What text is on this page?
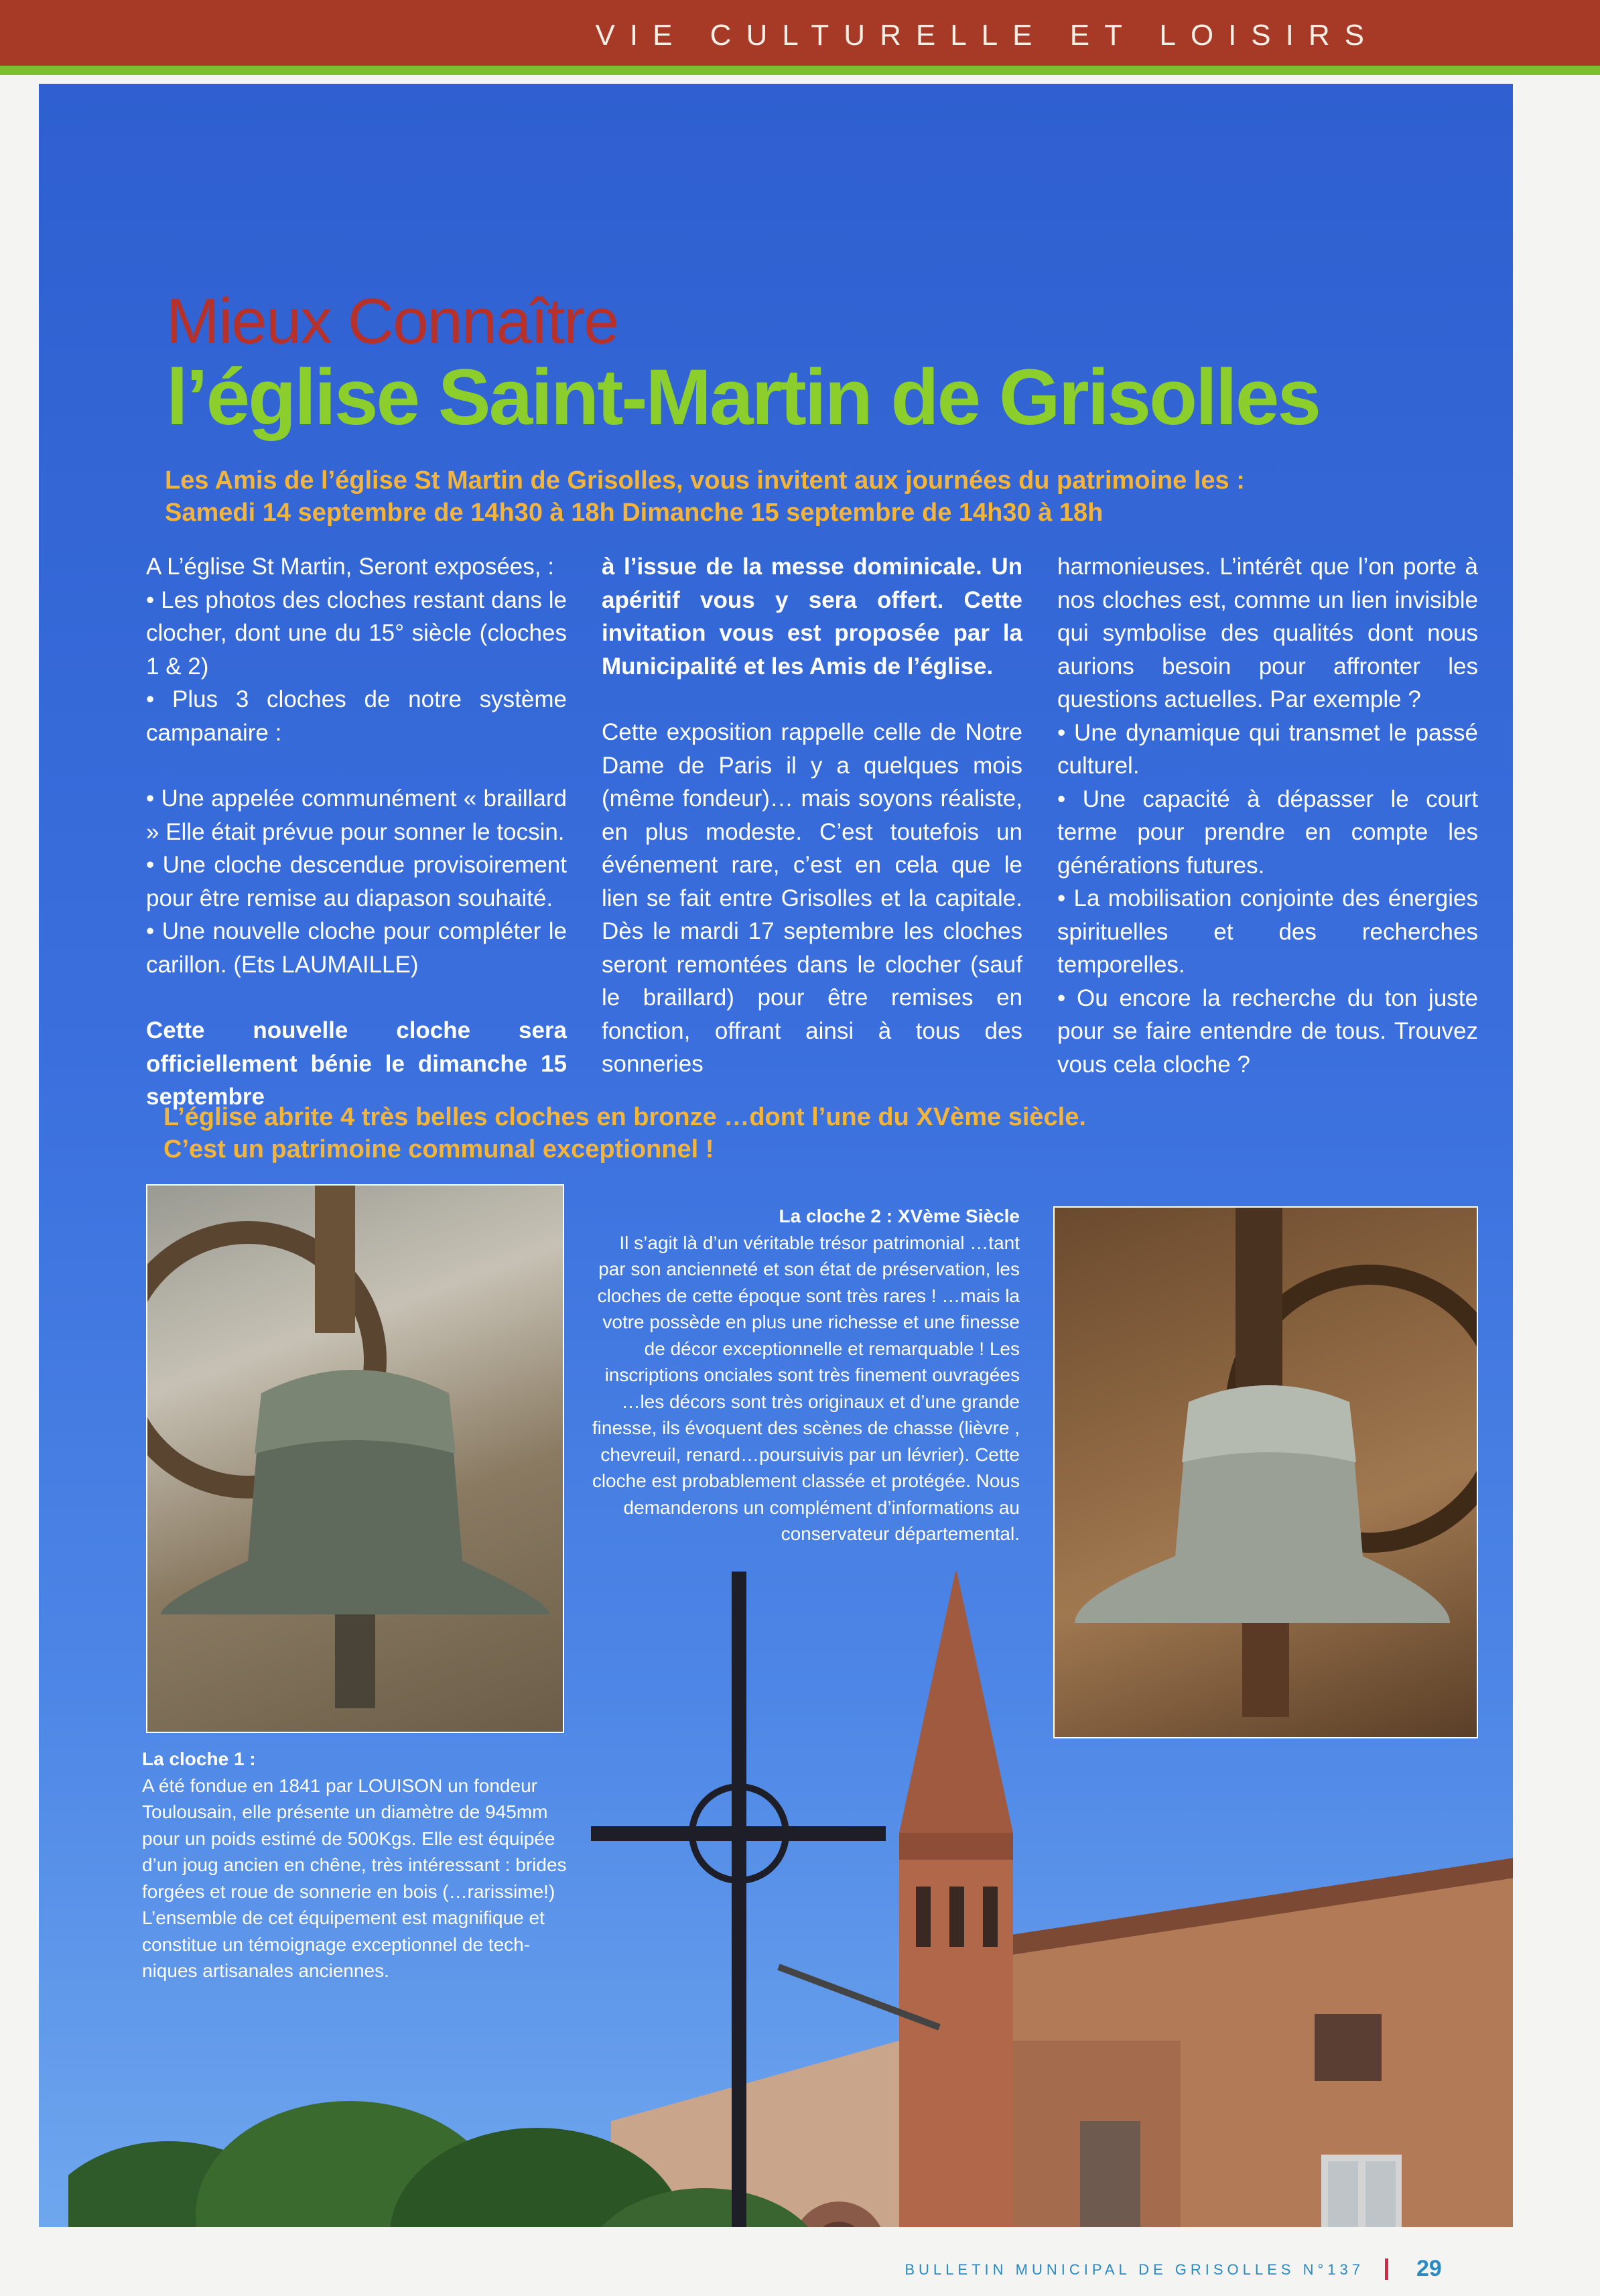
VIE CULTURELLE ET LOISIRS
Mieux Connaître
l’église Saint-Martin de Grisolles
Les Amis de l’église St Martin de Grisolles, vous invitent aux journées du patrimoine les :
Samedi 14 septembre de 14h30 à 18h Dimanche 15 septembre de 14h30 à 18h

A L’église St Martin, Seront exposées, :

• Les photos des cloches restant dans le clocher, dont une du 15° siècle (cloches 1 & 2)

• Plus 3 cloches de notre système campanaire :

• Une appelée communément « braillard » Elle était prévue pour sonner le tocsin.

• Une cloche descendue provisoirement pour être remise au diapason souhaité.

• Une nouvelle cloche pour compléter le carillon. (Ets LAUMAILLE)

Cette nouvelle cloche sera officiellement bénie le dimanche 15 septembre

à l’issue de la messe dominicale. Un apéritif vous y sera offert. Cette invitation vous est proposée par la Municipalité et les Amis de l’église.

Cette exposition rappelle celle de Notre Dame de Paris il y a quelques mois (même fondeur)… mais soyons réaliste, en plus modeste. C’est toutefois un événement rare, c’est en cela que le lien se fait entre Grisolles et la capitale. Dès le mardi 17 septembre les cloches seront remontées dans le clocher (sauf le braillard) pour être remises en fonction, offrant ainsi à tous des sonneries

harmonieuses. L’intérêt que l’on porte à nos cloches est, comme un lien invisible qui symbolise des qualités dont nous aurions besoin pour affronter les questions actuelles. Par exemple ?

• Une dynamique qui transmet le passé culturel.

• Une capacité à dépasser le court terme pour prendre en compte les générations futures.

• La mobilisation conjointe des énergies spirituelles et des recherches temporelles.

• Ou encore la recherche du ton juste pour se faire entendre de tous. Trouvez vous cela cloche ?

L’église abrite 4 très belles cloches en bronze …dont l’une du XVème siècle.
C’est un patrimoine communal exceptionnel !

La cloche 2 : XVème Siècle

Il s’agit là d’un véritable trésor patrimonial …tant

par son ancienneté et son état de préservation, les

cloches de cette époque sont très rares ! …mais la

votre possède en plus une richesse et une finesse

de décor exceptionnelle et remarquable ! Les

inscriptions onciales sont très finement ouvragées

…les décors sont très originaux et d’une grande

finesse, ils évoquent des scènes de chasse (lièvre ,

chevreuil, renard…poursuivis par un lévrier). Cette

cloche est probablement classée et protégée. Nous

demanderons un complément d’informations au

conservateur départemental.

La cloche 1 :

A été fondue en 1841 par LOUISON un fondeur

Toulousain, elle présente un diamètre de 945mm

pour un poids estimé de 500Kgs. Elle est équipée

d’un joug ancien en chêne, très intéressant : brides

forgées et roue de sonnerie en bois (…rarissime!)

L’ensemble de cet équipement est magnifique et

constitue un témoignage exceptionnel de tech-

niques artisanales anciennes.

BULLETIN MUNICIPAL DE GRISOLLES N°137 29
